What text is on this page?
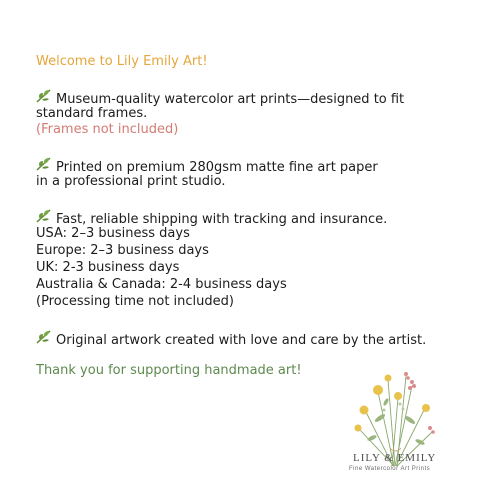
Welcome to Lily Emily Art!
Museum-quality watercolor art prints—designed to fit
standard frames.
(Frames not included)
Printed on premium 280gsm matte fine art paper
in a professional print studio.
Fast, reliable shipping with tracking and insurance.
USA: 2–3 business days
Europe: 2–3 business days
UK: 2-3 business days
Australia & Canada: 2-4 business days
(Processing time not included)
Original artwork created with love and care by the artist.
Thank you for supporting handmade art!
LILY & EMILY
Fine Watercolor Art Prints
